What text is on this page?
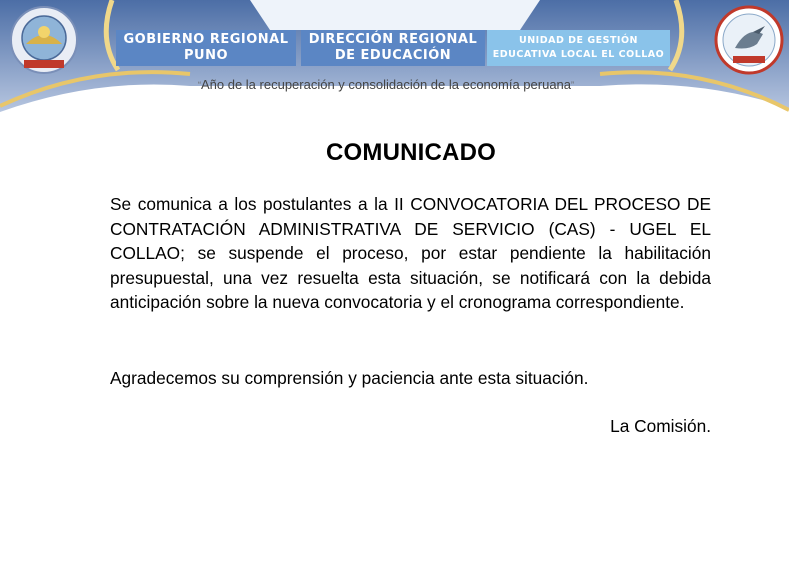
GOBIERNO REGIONAL
PUNO
DIRECCIÓN REGIONAL
DE EDUCACIÓN
UNIDAD DE GESTIÓN
EDUCATIVA LOCAL EL COLLAO
“Año de la recuperación y consolidación de la economía peruana”
COMUNICADO
Se comunica a los postulantes a la II CONVOCATORIA DEL PROCESO DE CONTRATACIÓN ADMINISTRATIVA DE SERVICIO (CAS) - UGEL EL COLLAO; se suspende el proceso, por estar pendiente la habilitación presupuestal, una vez resuelta esta situación, se notificará con la debida anticipación sobre la nueva convocatoria y el cronograma correspondiente.
Agradecemos su comprensión y paciencia ante esta situación.
La Comisión.
